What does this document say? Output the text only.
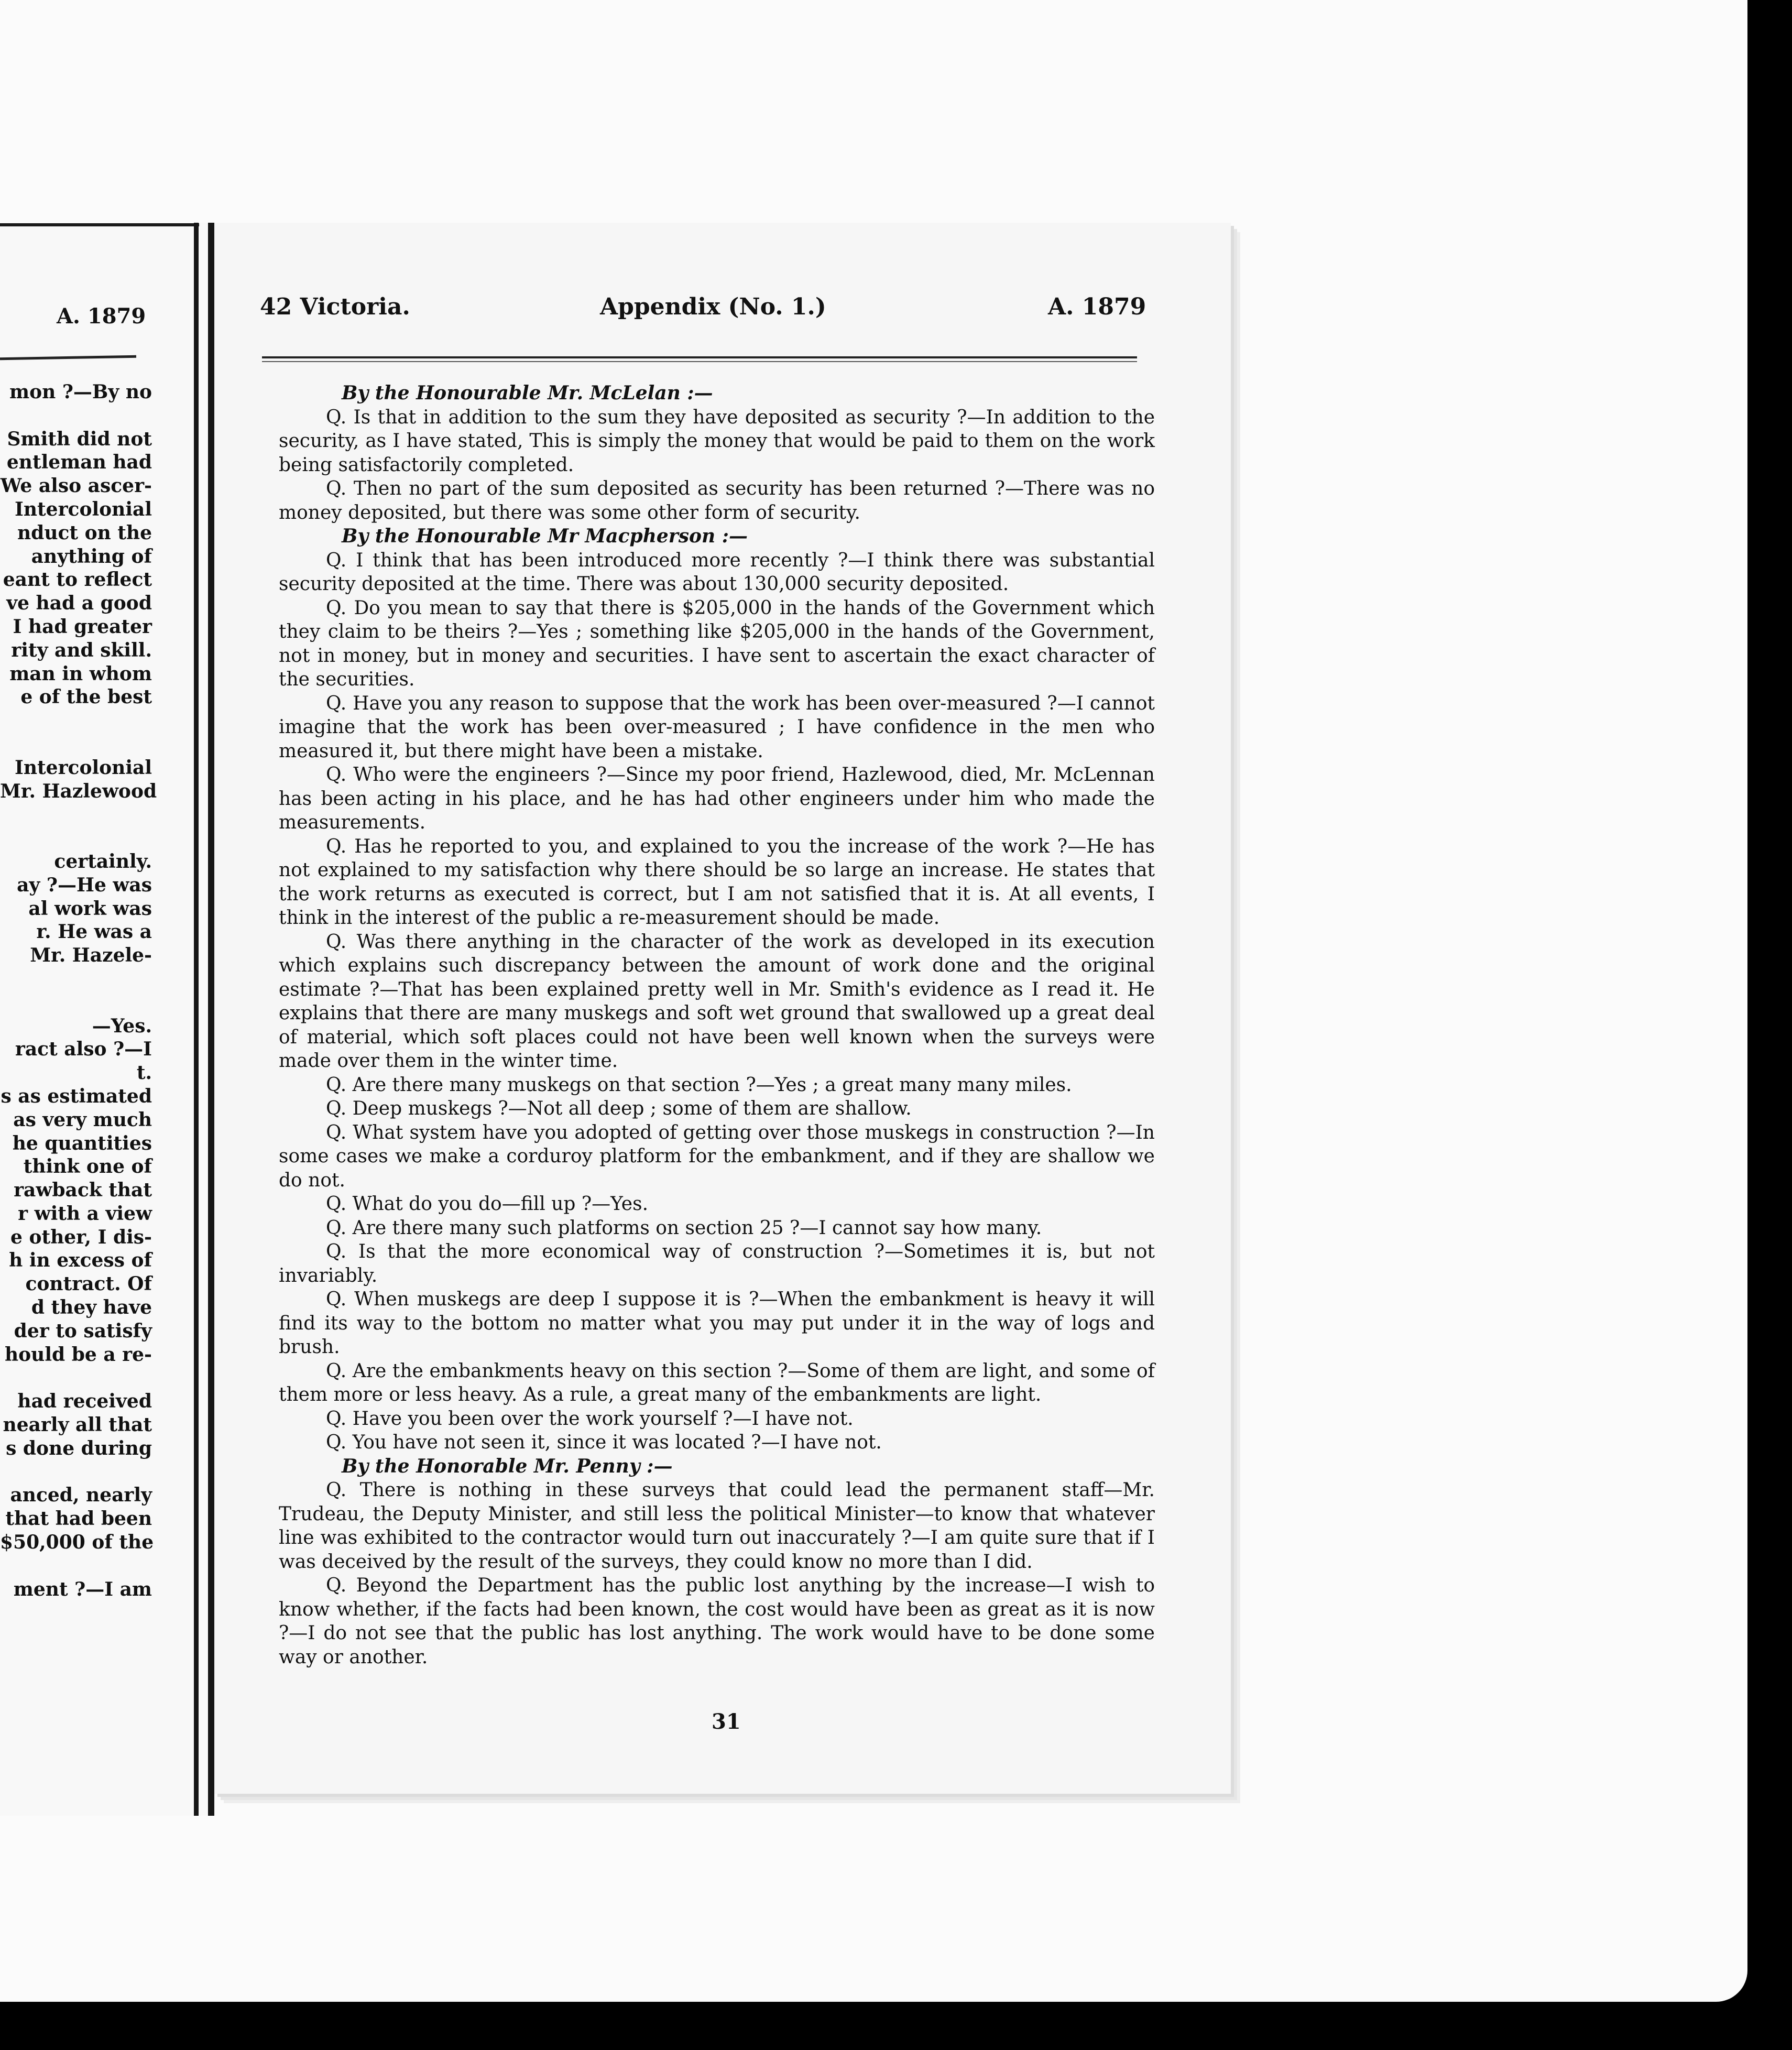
A. 1879

mon ?—By no
Smith did not
entleman had
We also ascer-
Intercolonial
nduct on the
anything of
eant to reflect
ve had a good
I had greater
rity and skill.
man in whom
e of the best
Intercolonial
Mr. Hazlewood
certainly.
ay ?—He was
al work was
r. He was a
Mr. Hazele-
—Yes.
ract also ?—I
t.
s as estimated
as very much
he quantities
think one of
rawback that
r with a view
e other, I dis-
h in excess of
contract. Of
d they have
der to satisfy
hould be a re-
had received
nearly all that
s done during
anced, nearly
that had been
$50,000 of the
ment ?—I am

42 Victoria.	Appendix (No. 1.)	A. 1879

By the Honourable Mr. McLelan :—

Q. Is that in addition to the sum they have deposited as security ?—In addition to the security, as I have stated, This is simply the money that would be paid to them on the work being satisfactorily completed.

Q. Then no part of the sum deposited as security has been returned ?—There was no money deposited, but there was some other form of security.

By the Honourable Mr Macpherson :—

Q. I think that has been introduced more recently ?—I think there was substantial security deposited at the time. There was about 130,000 security deposited.

Q. Do you mean to say that there is $205,000 in the hands of the Government which they claim to be theirs ?—Yes ; something like $205,000 in the hands of the Government, not in money, but in money and securities. I have sent to ascertain the exact character of the securities.

Q. Have you any reason to suppose that the work has been over-measured ?—I cannot imagine that the work has been over-measured ; I have confidence in the men who measured it, but there might have been a mistake.

Q. Who were the engineers ?—Since my poor friend, Hazlewood, died, Mr. McLennan has been acting in his place, and he has had other engineers under him who made the measurements.

Q. Has he reported to you, and explained to you the increase of the work ?—He has not explained to my satisfaction why there should be so large an increase. He states that the work returns as executed is correct, but I am not satisfied that it is. At all events, I think in the interest of the public a re-measurement should be made.

Q. Was there anything in the character of the work as developed in its execution which explains such discrepancy between the amount of work done and the original estimate ?—That has been explained pretty well in Mr. Smith's evidence as I read it. He explains that there are many muskegs and soft wet ground that swallowed up a great deal of material, which soft places could not have been well known when the surveys were made over them in the winter time.

Q. Are there many muskegs on that section ?—Yes ; a great many many miles.

Q. Deep muskegs ?—Not all deep ; some of them are shallow.

Q. What system have you adopted of getting over those muskegs in construction ?—In some cases we make a corduroy platform for the embankment, and if they are shallow we do not.

Q. What do you do—fill up ?—Yes.

Q. Are there many such platforms on section 25 ?—I cannot say how many.

Q. Is that the more economical way of construction ?—Sometimes it is, but not invariably.

Q. When muskegs are deep I suppose it is ?—When the embankment is heavy it will find its way to the bottom no matter what you may put under it in the way of logs and brush.

Q. Are the embankments heavy on this section ?—Some of them are light, and some of them more or less heavy. As a rule, a great many of the embankments are light.

Q. Have you been over the work yourself ?—I have not.

Q. You have not seen it, since it was located ?—I have not.

By the Honorable Mr. Penny :—

Q. There is nothing in these surveys that could lead the permanent staff—Mr. Trudeau, the Deputy Minister, and still less the political Minister—to know that whatever line was exhibited to the contractor would turn out inaccurately ?—I am quite sure that if I was deceived by the result of the surveys, they could know no more than I did.

Q. Beyond the Department has the public lost anything by the increase—I wish to know whether, if the facts had been known, the cost would have been as great as it is now ?—I do not see that the public has lost anything. The work would have to be done some way or another.

31
